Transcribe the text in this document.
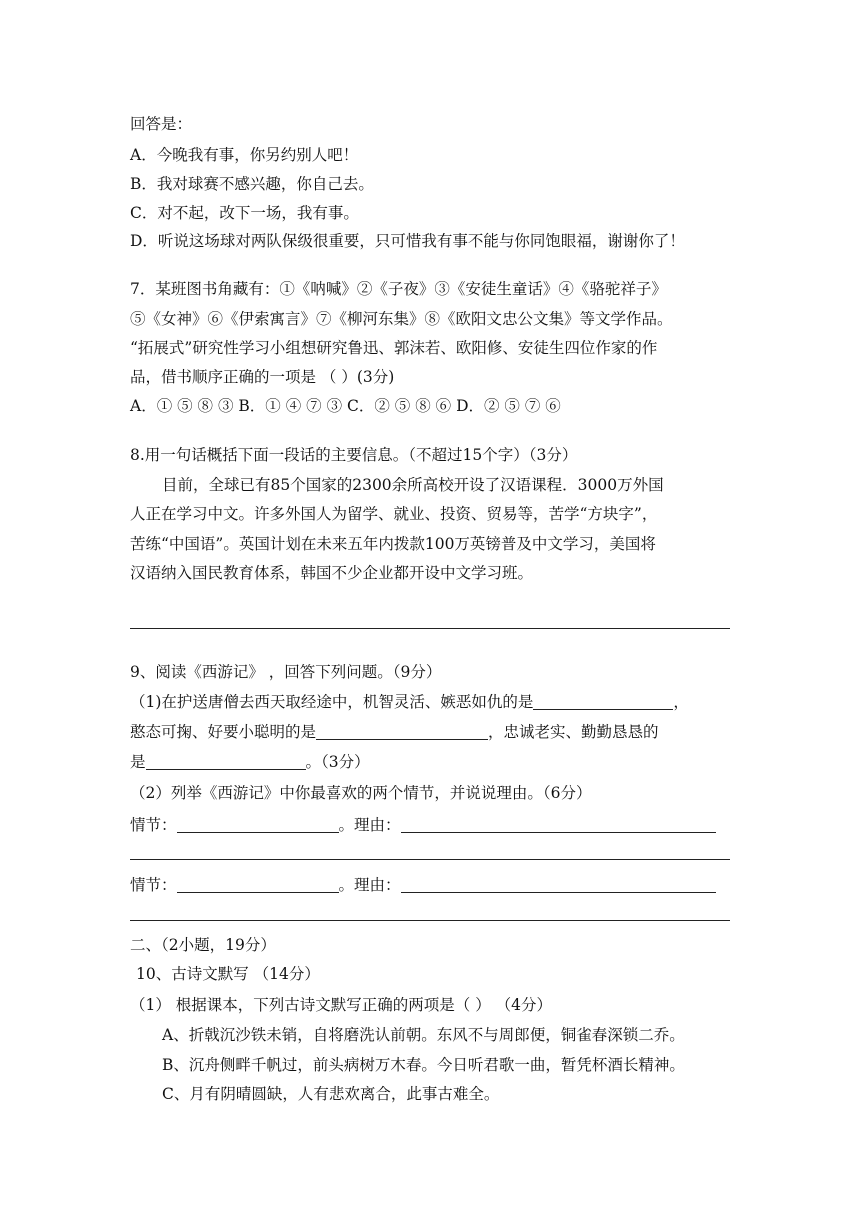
回答是：
A．今晚我有事，你另约别人吧！
B．我对球赛不感兴趣，你自己去。
C．对不起，改下一场，我有事。
D．听说这场球对两队保级很重要，只可惜我有事不能与你同饱眼福，谢谢你了！
7．某班图书角藏有：①《呐喊》②《子夜》③《安徒生童话》④《骆驼祥子》
⑤《女神》⑥《伊索寓言》⑦《柳河东集》⑧《欧阳文忠公文集》等文学作品。
“拓展式”研究性学习小组想研究鲁迅、郭沫若、欧阳修、安徒生四位作家的作
品，借书顺序正确的一项是 （ ）(3分)
A．① ⑤ ⑧ ③ B．① ④ ⑦ ③ C．② ⑤ ⑧ ⑥ D．② ⑤ ⑦ ⑥
8.用一句话概括下面一段话的主要信息。（不超过15个字）（3分）
目前，全球已有85个国家的2300余所高校开设了汉语课程．3000万外国
人正在学习中文。许多外国人为留学、就业、投资、贸易等，苦学“方块字”，
苦练“中国语”。英国计划在未来五年内拨款100万英镑普及中文学习，美国将
汉语纳入国民教育体系，韩国不少企业都开设中文学习班。
9、阅读《西游记》 ，回答下列问题。（9分）
（1)在护送唐僧去西天取经途中，机智灵活、嫉恶如仇的是	，
憨态可掬、好要小聪明的是	，忠诚老实、勤勤恳恳的
是	。（3分）
（2）列举《西游记》中你最喜欢的两个情节，并说说理由。（6分）
情节：	。理由：
情节：	。理由：
二、（2小题，19分）
10、古诗文默写 （14分）
（1） 根据课本，下列古诗文默写正确的两项是（ ） （4分）
A、折戟沉沙铁未销，自将磨洗认前朝。东风不与周郎便，铜雀春深锁二乔。
B、沉舟侧畔千帆过，前头病树万木春。今日听君歌一曲，暂凭杯酒长精神。
C、月有阴晴圆缺，人有悲欢离合，此事古难全。
